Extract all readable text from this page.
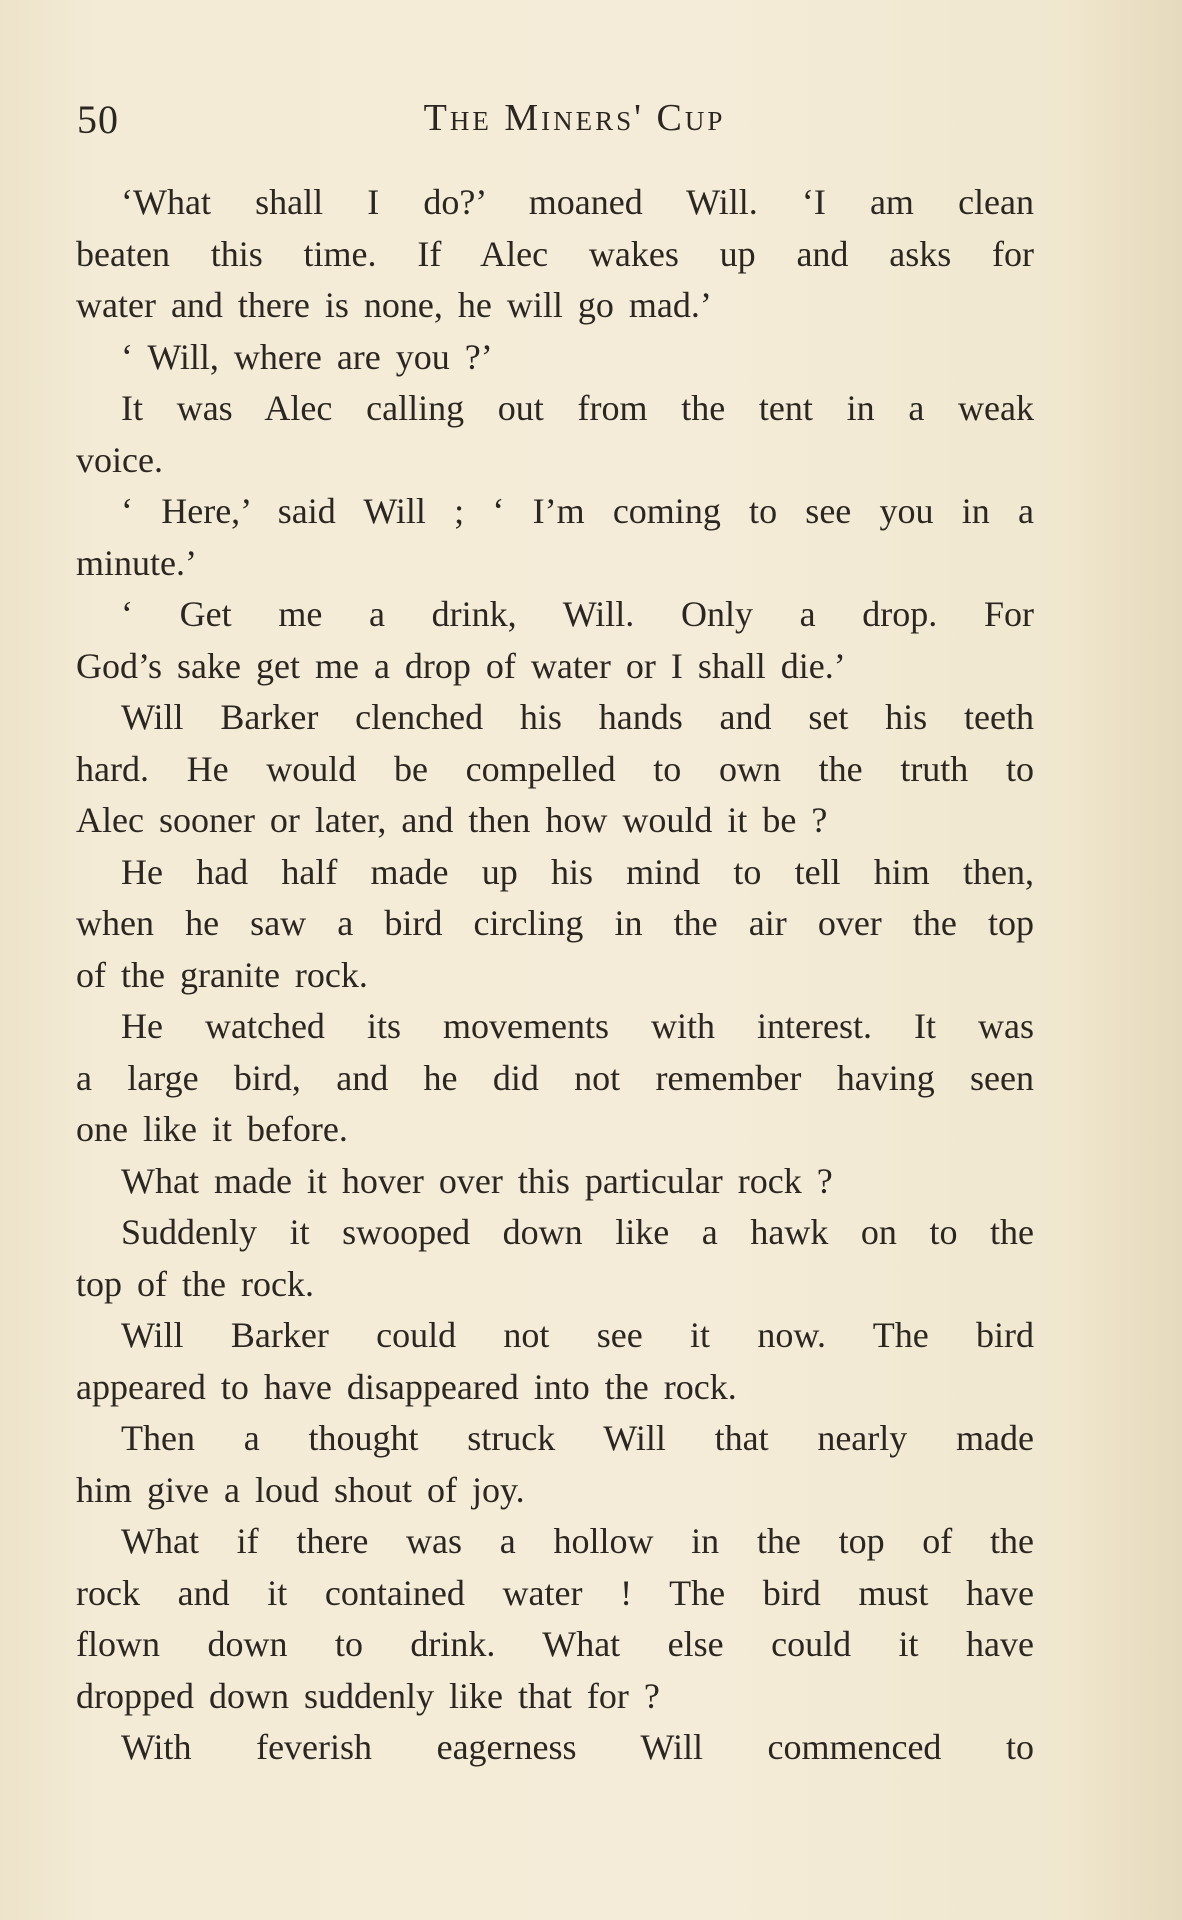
50	The Miners' Cup
‘What shall I do?’ moaned Will. ‘I am clean
beaten this time. If Alec wakes up and asks for
water and there is none, he will go mad.’
‘ Will, where are you ?’
It was Alec calling out from the tent in a weak
voice.
‘ Here,’ said Will ; ‘ I’m coming to see you in a
minute.’
‘ Get me a drink, Will. Only a drop. For
God’s sake get me a drop of water or I shall die.’
Will Barker clenched his hands and set his teeth
hard. He would be compelled to own the truth to
Alec sooner or later, and then how would it be ?
He had half made up his mind to tell him then,
when he saw a bird circling in the air over the top
of the granite rock.
He watched its movements with interest. It was
a large bird, and he did not remember having seen
one like it before.
What made it hover over this particular rock ?
Suddenly it swooped down like a hawk on to the
top of the rock.
Will Barker could not see it now. The bird
appeared to have disappeared into the rock.
Then a thought struck Will that nearly made
him give a loud shout of joy.
What if there was a hollow in the top of the
rock and it contained water ! The bird must have
flown down to drink. What else could it have
dropped down suddenly like that for ?
With feverish eagerness Will commenced to
